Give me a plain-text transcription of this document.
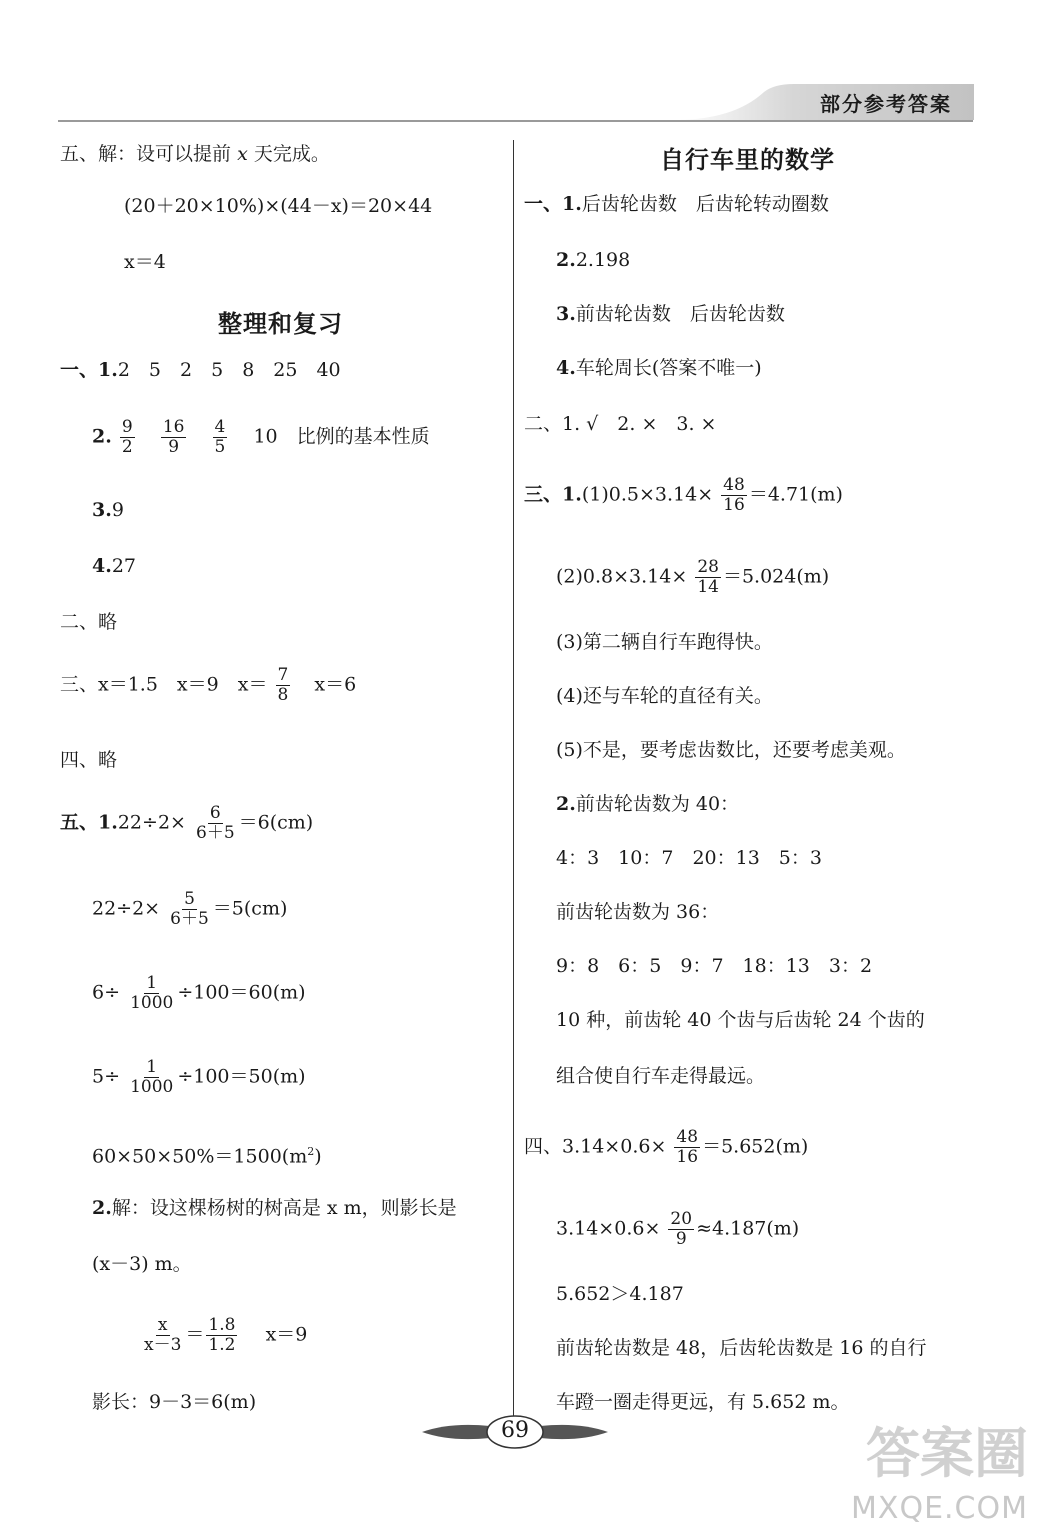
部分参考答案
五、解：设可以提前 x 天完成。
(20＋20×10%)×(44－x)＝20×44
x＝4
整理和复习
一、1.2　5　2　5　8　25　40
2. $\frac{9}{2}$
$\frac{16}{9}$
$\frac{4}{5} 10$　比例的基本性质
3.9
4.27
二、略
三、x＝1.5　x＝9　$x= \frac{7}{8} x=6$
四、略
五、$1.22\div 2\times \frac{6}{6+5} =6(cm)$
$22\div 2\times \frac{5}{6+5} =5(cm)$
$6\div \frac{1}{1000} \div 100=60(m)$
$5\div \frac{1}{1000} \div 100=50(m)$
$60\times 50\times 50\%=1500(m^2)$
2.解：设这棵杨树的树高是 x m，则影长是
(x－3) m。
$\frac{x}{x-3} = \frac{1.8}{1.2} x=9$
影长：9－3＝6(m)
自行车里的数学
一、1.后齿轮齿数　后齿轮转动圈数
2.2.198
3.前齿轮齿数　后齿轮齿数
4.车轮周长(答案不唯一)
二、1. √　2. ×　3. ×
三、$1.(1)0.5\times 3.14\times \frac{48}{16} =4.71(m)$
$(2)0.8\times 3.14\times \frac{28}{14} =5.024(m)$
(3)第二辆自行车跑得快。
(4)还与车轮的直径有关。
(5)不是，要考虑齿数比，还要考虑美观。
2.前齿轮齿数为 40：
4：3　10：7　20：13　5：3
前齿轮齿数为 36：
9：8　6：5　9：7　18：13　3：2
10 种，前齿轮 40 个齿与后齿轮 24 个齿的
组合使自行车走得最远。
四、$3.14\times 0.6\times \frac{48}{16} =5.652(m)$
$3.14\times 0.6\times \frac{20}{9} \approx 4.187(m)$
5.652＞4.187
前齿轮齿数是 48，后齿轮齿数是 16 的自行
车蹬一圈走得更远，有 5.652 m。
69	答案圈
MXQE.COM
